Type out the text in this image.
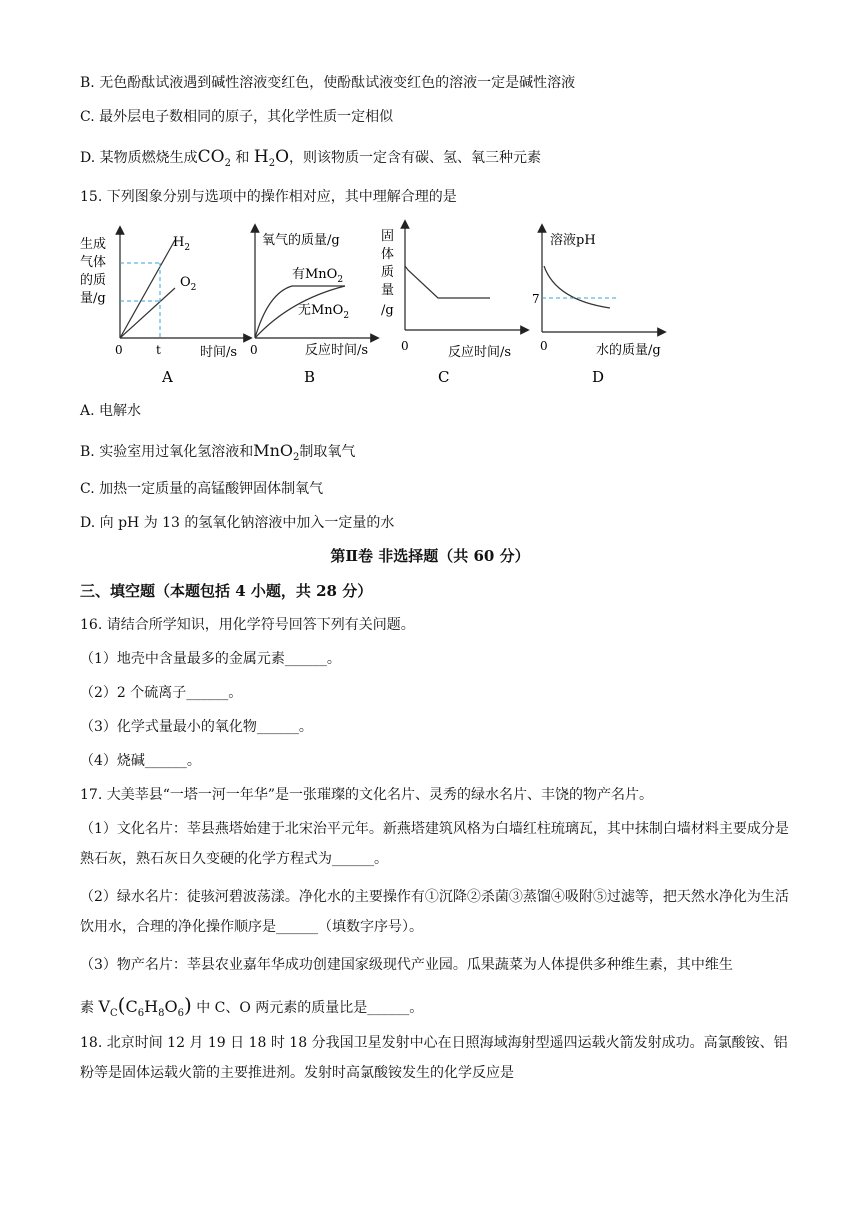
B. 无色酚酞试液遇到碱性溶液变红色，使酚酞试液变红色的溶液一定是碱性溶液
C. 最外层电子数相同的原子，其化学性质一定相似
D. 某物质燃烧生成$CO_2$ 和 $H_2O$，则该物质一定含有碳、氢、氧三种元素
15. 下列图象分别与选项中的操作相对应，其中理解合理的是
生成
气体
的质
量/g
$H_2$
$O_2$
0	t	时间/s
A
氧气的质量/g
有MnO$_2$
无MnO$_2$
0	反应时间/s
B
固
体
质
量
/g
0	反应时间/s
C
溶液pH
7
0	水的质量/g
D
A. 电解水
B. 实验室用过氧化氢溶液和MnO$_2$制取氧气
C. 加热一定质量的高锰酸钾固体制氧气
D. 向 pH 为 13 的氢氧化钠溶液中加入一定量的水
第Ⅱ卷 非选择题（共 60 分）
三、填空题（本题包括 4 小题，共 28 分）
16. 请结合所学知识，用化学符号回答下列有关问题。
（1）地壳中含量最多的金属元素______。
（2）2 个硫离子______。
（3）化学式量最小的氧化物______。
（4）烧碱______。
17. 大美莘县“一塔一河一年华”是一张璀璨的文化名片、灵秀的绿水名片、丰饶的物产名片。
（1）文化名片：莘县燕塔始建于北宋治平元年。新燕塔建筑风格为白墙红柱琉璃瓦，其中抹制白墙材料主要成分是熟石灰，熟石灰日久变硬的化学方程式为______。
（2）绿水名片：徒骇河碧波荡漾。净化水的主要操作有①沉降②杀菌③蒸馏④吸附⑤过滤等，把天然水净化为生活饮用水，合理的净化操作顺序是______（填数字序号）。
（3）物产名片：莘县农业嘉年华成功创建国家级现代产业园。瓜果蔬菜为人体提供多种维生素，其中维生
素 $V_C(C_6H_8O_6)$ 中 C、O 两元素的质量比是______。
18. 北京时间 12 月 19 日 18 时 18 分我国卫星发射中心在日照海域海射型遥四运载火箭发射成功。高氯酸铵、铝粉等是固体运载火箭的主要推进剂。发射时高氯酸铵发生的化学反应是
